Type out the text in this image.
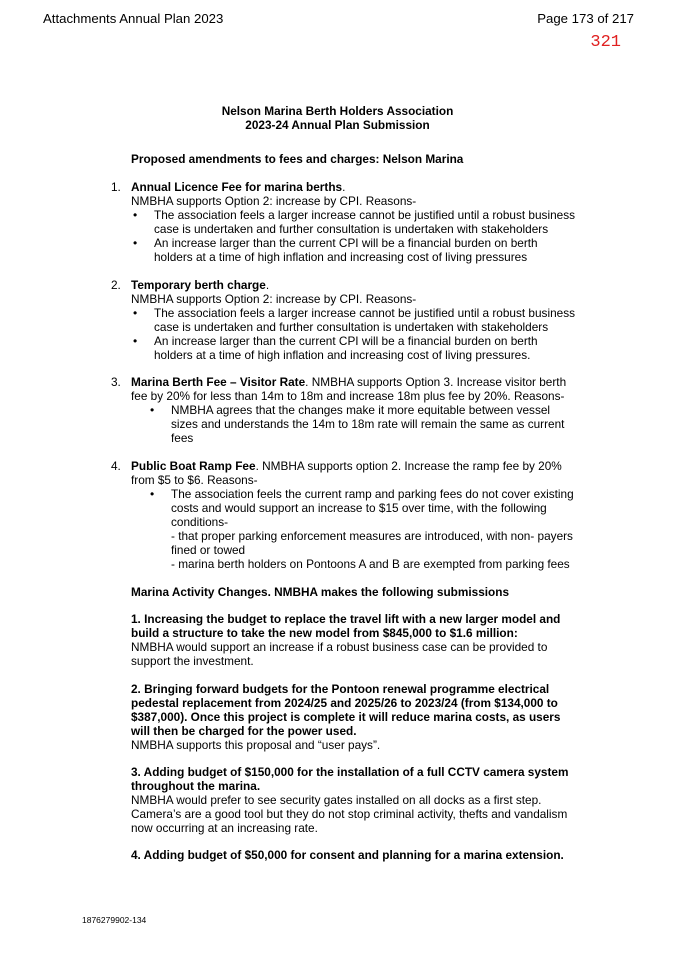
Attachments Annual Plan 2023	Page 173 of 217
321
Nelson Marina Berth Holders Association
2023-24 Annual Plan Submission
Proposed amendments to fees and charges: Nelson Marina
1. Annual Licence Fee for marina berths.
NMBHA supports Option 2: increase by CPI. Reasons-
• The association feels a larger increase cannot be justified until a robust business
case is undertaken and further consultation is undertaken with stakeholders
• An increase larger than the current CPI will be a financial burden on berth
holders at a time of high inflation and increasing cost of living pressures
2. Temporary berth charge.
NMBHA supports Option 2: increase by CPI. Reasons-
• The association feels a larger increase cannot be justified until a robust business
case is undertaken and further consultation is undertaken with stakeholders
• An increase larger than the current CPI will be a financial burden on berth
holders at a time of high inflation and increasing cost of living pressures.
3. Marina Berth Fee – Visitor Rate. NMBHA supports Option 3. Increase visitor berth
fee by 20% for less than 14m to 18m and increase 18m plus fee by 20%. Reasons-
• NMBHA agrees that the changes make it more equitable between vessel
sizes and understands the 14m to 18m rate will remain the same as current
fees
4. Public Boat Ramp Fee. NMBHA supports option 2. Increase the ramp fee by 20%
from $5 to $6. Reasons-
• The association feels the current ramp and parking fees do not cover existing
costs and would support an increase to $15 over time, with the following
conditions-
- that proper parking enforcement measures are introduced, with non- payers
fined or towed
- marina berth holders on Pontoons A and B are exempted from parking fees
Marina Activity Changes. NMBHA makes the following submissions
1. Increasing the budget to replace the travel lift with a new larger model and
build a structure to take the new model from $845,000 to $1.6 million:
NMBHA would support an increase if a robust business case can be provided to
support the investment.
2. Bringing forward budgets for the Pontoon renewal programme electrical
pedestal replacement from 2024/25 and 2025/26 to 2023/24 (from $134,000 to
$387,000). Once this project is complete it will reduce marina costs, as users
will then be charged for the power used.
NMBHA supports this proposal and “user pays”.
3. Adding budget of $150,000 for the installation of a full CCTV camera system
throughout the marina.
NMBHA would prefer to see security gates installed on all docks as a first step.
Camera’s are a good tool but they do not stop criminal activity, thefts and vandalism
now occurring at an increasing rate.
4. Adding budget of $50,000 for consent and planning for a marina extension.
1876279902-134
